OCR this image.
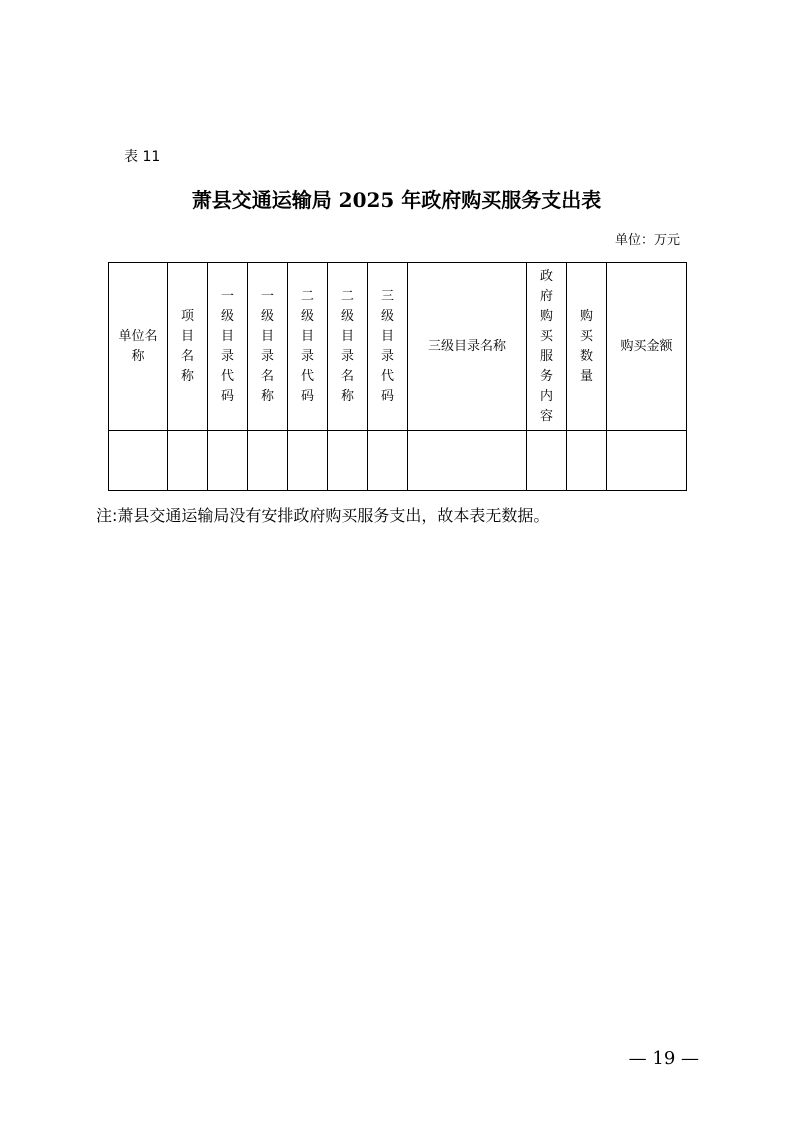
表 11
萧县交通运输局 2025 年政府购买服务支出表
单位：万元
单位名称	项目名称	一级目录代码	一级目录名称	二级目录代码	二级目录名称	三级目录代码	三级目录名称	政府购买服务内容	购买数量	购买金额

注:萧县交通运输局没有安排政府购买服务支出，故本表无数据。
— 19 —
